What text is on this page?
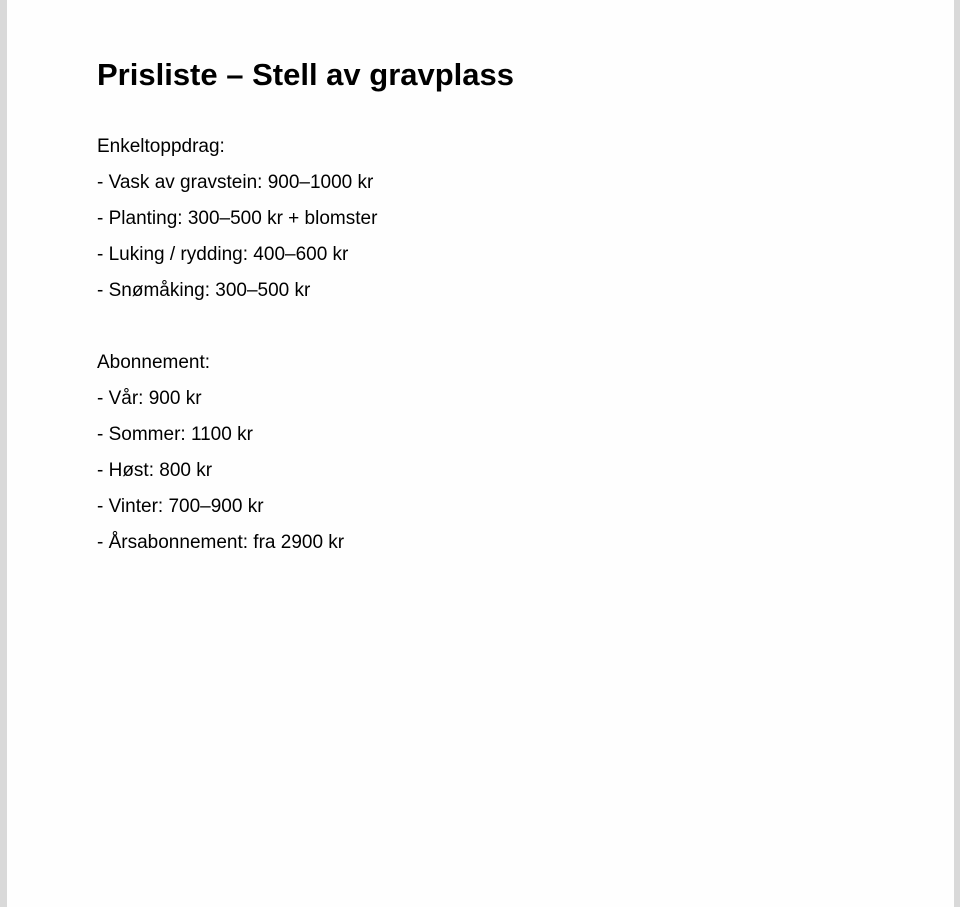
Prisliste – Stell av gravplass
Enkeltoppdrag:
- Vask av gravstein: 900–1000 kr
- Planting: 300–500 kr + blomster
- Luking / rydding: 400–600 kr
- Snømåking: 300–500 kr
Abonnement:
- Vår: 900 kr
- Sommer: 1100 kr
- Høst: 800 kr
- Vinter: 700–900 kr
- Årsabonnement: fra 2900 kr
